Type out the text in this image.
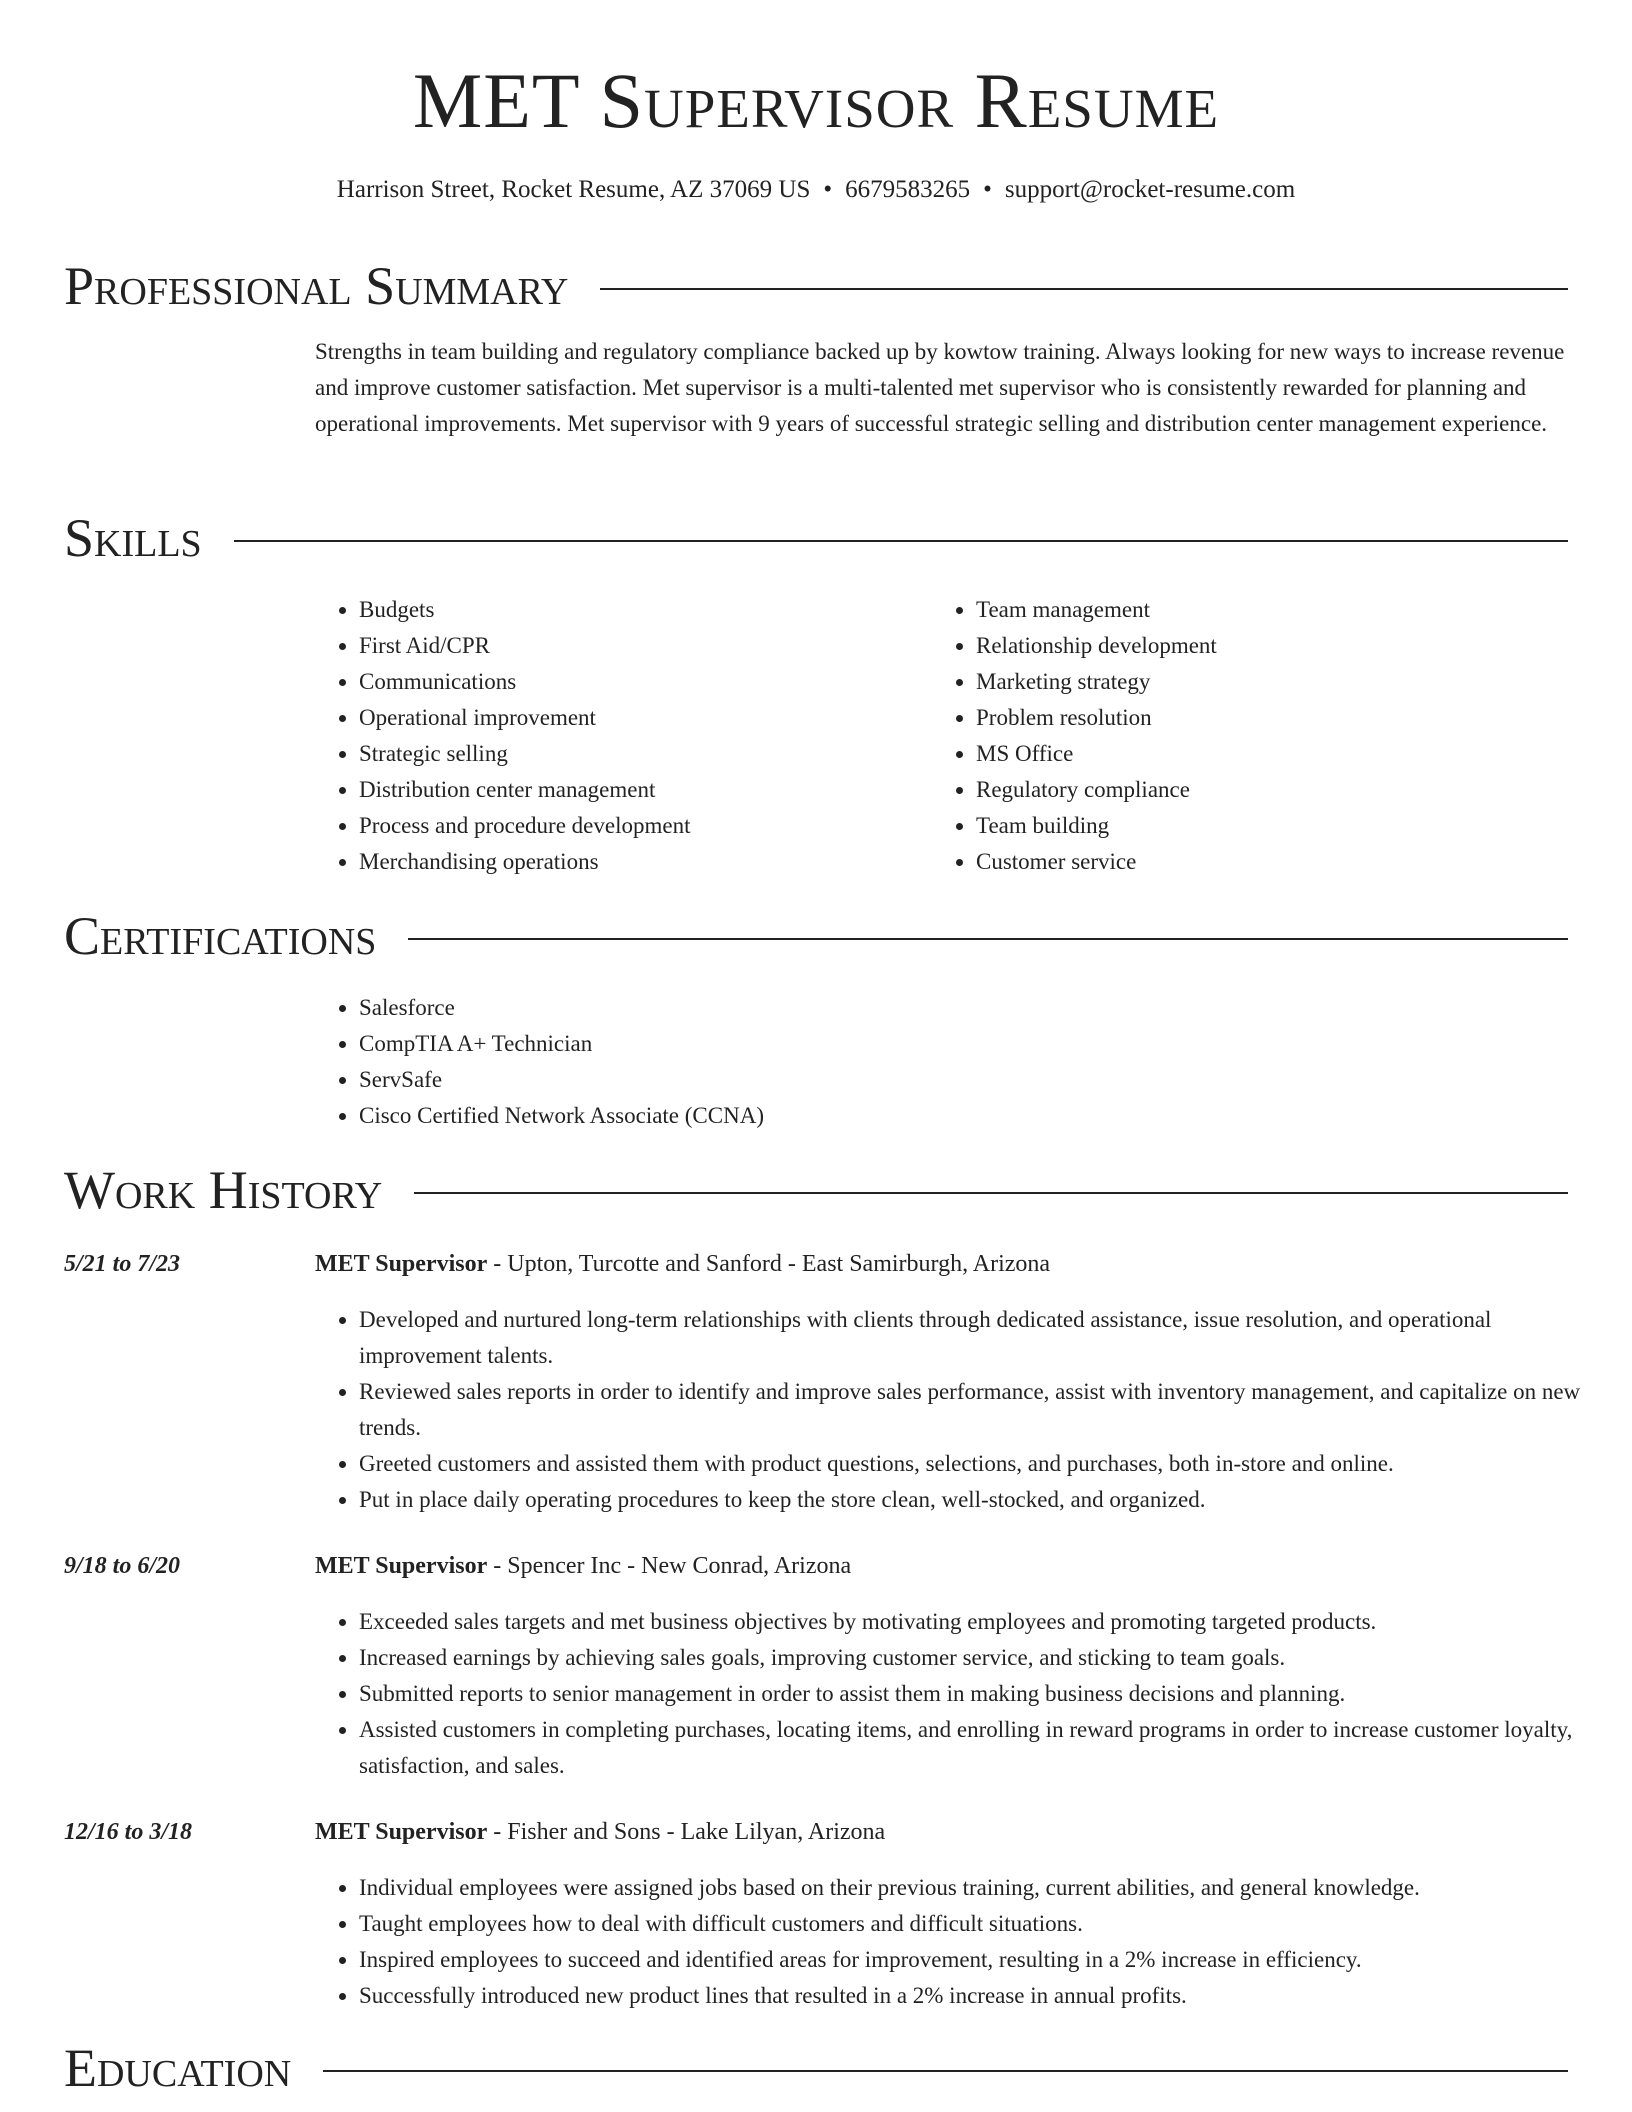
MET Supervisor Resume
Harrison Street, Rocket Resume, AZ 37069 US • 6679583265 • support@rocket-resume.com
Professional Summary

Strengths in team building and regulatory compliance backed up by kowtow training. Always looking for new ways to increase revenue and improve customer satisfaction. Met supervisor is a multi-talented met supervisor who is consistently rewarded for planning and operational improvements. Met supervisor with 9 years of successful strategic selling and distribution center management experience.

Skills
• Budgets
• First Aid/CPR
• Communications
• Operational improvement
• Strategic selling
• Distribution center management
• Process and procedure development
• Merchandising operations
• Team management
• Relationship development
• Marketing strategy
• Problem resolution
• MS Office
• Regulatory compliance
• Team building
• Customer service
Certifications
• Salesforce
• CompTIA A+ Technician
• ServSafe
• Cisco Certified Network Associate (CCNA)
Work History
5/21 to 7/23	MET Supervisor - Upton, Turcotte and Sanford - East Samirburgh, Arizona
• Developed and nurtured long-term relationships with clients through dedicated assistance, issue resolution, and operational improvement talents.
• Reviewed sales reports in order to identify and improve sales performance, assist with inventory management, and capitalize on new trends.
• Greeted customers and assisted them with product questions, selections, and purchases, both in-store and online.
• Put in place daily operating procedures to keep the store clean, well-stocked, and organized.
9/18 to 6/20	MET Supervisor - Spencer Inc - New Conrad, Arizona
• Exceeded sales targets and met business objectives by motivating employees and promoting targeted products.
• Increased earnings by achieving sales goals, improving customer service, and sticking to team goals.
• Submitted reports to senior management in order to assist them in making business decisions and planning.
• Assisted customers in completing purchases, locating items, and enrolling in reward programs in order to increase customer loyalty, satisfaction, and sales.
12/16 to 3/18	MET Supervisor - Fisher and Sons - Lake Lilyan, Arizona
• Individual employees were assigned jobs based on their previous training, current abilities, and general knowledge.
• Taught employees how to deal with difficult customers and difficult situations.
• Inspired employees to succeed and identified areas for improvement, resulting in a 2% increase in efficiency.
• Successfully introduced new product lines that resulted in a 2% increase in annual profits.
Education
